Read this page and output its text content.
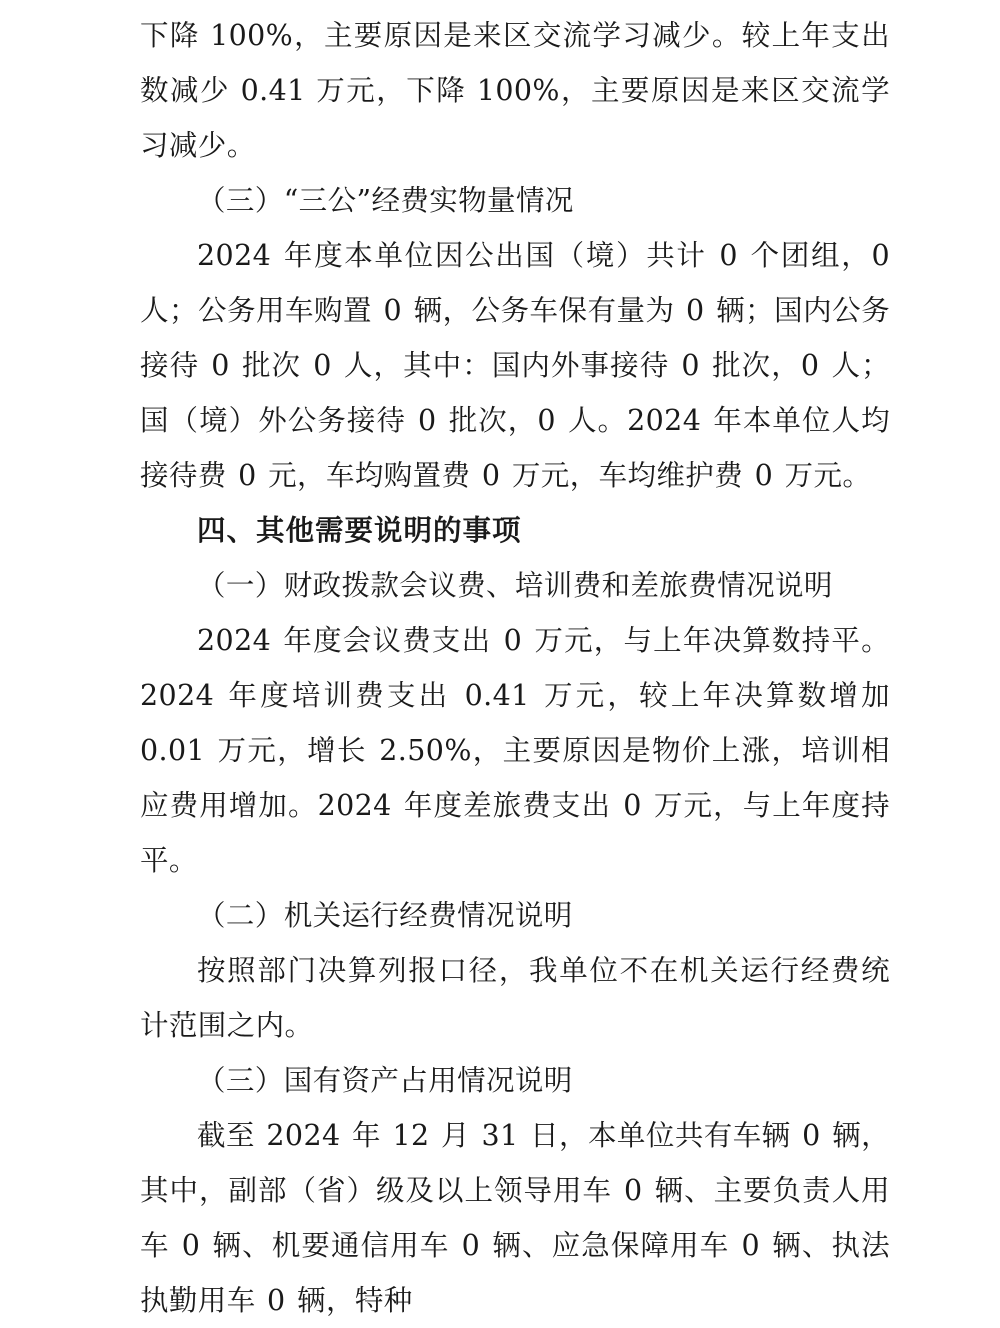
下降 100%，主要原因是来区交流学习减少。较上年支出数减少 0.41 万元，下降 100%，主要原因是来区交流学习减少。

（三）“三公”经费实物量情况

2024 年度本单位因公出国（境）共计 0 个团组，0 人；公务用车购置 0 辆，公务车保有量为 0 辆；国内公务接待 0 批次 0 人，其中：国内外事接待 0 批次，0 人；国（境）外公务接待 0 批次，0 人。2024 年本单位人均接待费 0 元，车均购置费 0 万元，车均维护费 0 万元。

四、其他需要说明的事项

（一）财政拨款会议费、培训费和差旅费情况说明

2024 年度会议费支出 0 万元，与上年决算数持平。2024 年度培训费支出 0.41 万元，较上年决算数增加 0.01 万元，增长 2.50%，主要原因是物价上涨，培训相应费用增加。2024 年度差旅费支出 0 万元，与上年度持平。

（二）机关运行经费情况说明

按照部门决算列报口径，我单位不在机关运行经费统计范围之内。

（三）国有资产占用情况说明

截至 2024 年 12 月 31 日，本单位共有车辆 0 辆，其中，副部（省）级及以上领导用车 0 辆、主要负责人用车 0 辆、机要通信用车 0 辆、应急保障用车 0 辆、执法执勤用车 0 辆，特种
